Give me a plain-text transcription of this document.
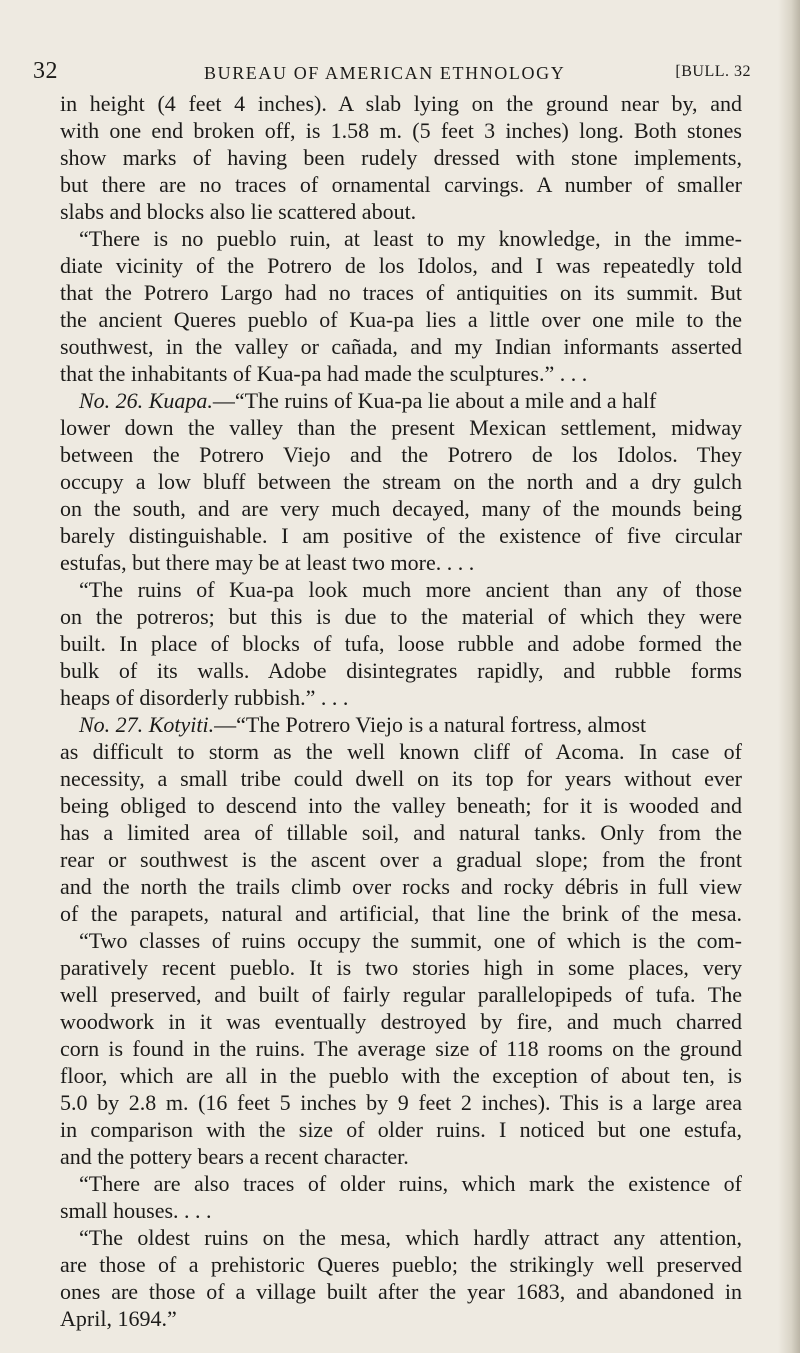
32	BUREAU OF AMERICAN ETHNOLOGY	[BULL. 32
in height (4 feet 4 inches). A slab lying on the ground near by, and
with one end broken off, is 1.58 m. (5 feet 3 inches) long. Both stones
show marks of having been rudely dressed with stone implements,
but there are no traces of ornamental carvings. A number of smaller
slabs and blocks also lie scattered about.
“There is no pueblo ruin, at least to my knowledge, in the imme-
diate vicinity of the Potrero de los Idolos, and I was repeatedly told
that the Potrero Largo had no traces of antiquities on its summit. But
the ancient Queres pueblo of Kua-pa lies a little over one mile to the
southwest, in the valley or cañada, and my Indian informants asserted
that the inhabitants of Kua-pa had made the sculptures.” . . .
No. 26. Kuapa.—“The ruins of Kua-pa lie about a mile and a half
lower down the valley than the present Mexican settlement, midway
between the Potrero Viejo and the Potrero de los Idolos. They
occupy a low bluff between the stream on the north and a dry gulch
on the south, and are very much decayed, many of the mounds being
barely distinguishable. I am positive of the existence of five circular
estufas, but there may be at least two more. . . .
“The ruins of Kua-pa look much more ancient than any of those
on the potreros; but this is due to the material of which they were
built. In place of blocks of tufa, loose rubble and adobe formed the
bulk of its walls. Adobe disintegrates rapidly, and rubble forms
heaps of disorderly rubbish.” . . .
No. 27. Kotyiti.—“The Potrero Viejo is a natural fortress, almost
as difficult to storm as the well known cliff of Acoma. In case of
necessity, a small tribe could dwell on its top for years without ever
being obliged to descend into the valley beneath; for it is wooded and
has a limited area of tillable soil, and natural tanks. Only from the
rear or southwest is the ascent over a gradual slope; from the front
and the north the trails climb over rocks and rocky débris in full view
of the parapets, natural and artificial, that line the brink of the mesa.
“Two classes of ruins occupy the summit, one of which is the com-
paratively recent pueblo. It is two stories high in some places, very
well preserved, and built of fairly regular parallelopipeds of tufa. The
woodwork in it was eventually destroyed by fire, and much charred
corn is found in the ruins. The average size of 118 rooms on the ground
floor, which are all in the pueblo with the exception of about ten, is
5.0 by 2.8 m. (16 feet 5 inches by 9 feet 2 inches). This is a large area
in comparison with the size of older ruins. I noticed but one estufa,
and the pottery bears a recent character.
“There are also traces of older ruins, which mark the existence of
small houses. . . .
“The oldest ruins on the mesa, which hardly attract any attention,
are those of a prehistoric Queres pueblo; the strikingly well preserved
ones are those of a village built after the year 1683, and abandoned in
April, 1694.”
